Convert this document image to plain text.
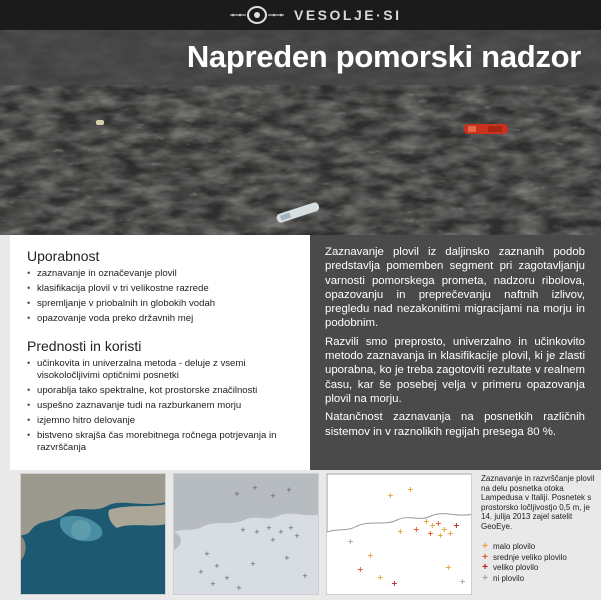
VESOLJE·SI
Napreden pomorski nadzor
Uporabnost
• zaznavanje in označevanje plovil
• klasifikacija plovil v tri velikostne razrede
• spremljanje v priobalnih in globokih vodah
• opazovanje voda preko državnih mej
Prednosti in koristi
• učinkovita in univerzalna metoda - deluje z vsemi visokoločljivimi optičnimi posnetki
• uporablja tako spektralne, kot prostorske značilnosti
• uspešno zaznavanje tudi na razburkanem morju
• izjemno hitro delovanje
• bistveno skrajša čas morebitnega ročnega potrjevanja in razvrščanja

Zaznavanje plovil iz daljinsko zaznanih podob predstavlja pomemben segment pri zagotavljanju varnosti pomorskega prometa, nadzoru ribolova, opazovanju in preprečevanju naftnih izlivov, pregledu nad nezakonitimi migracijami na morju in podobnim.

Razvili smo preprosto, univerzalno in učinkovito metodo zaznavanja in klasifikacije plovil, ki je zlasti uporabna, ko je treba zagotoviti rezultate v realnem času, kar še posebej velja v primeru opazovanja plovil na morju.

Natančnost zaznavanja na posnetkih različnih sistemov in v raznolikih regijah presega 80 %.

+
+
+
+
+ + + + +
+
+
+
+
+
+
+	+
+
+
+
+ + +
+
+ + +
+
+
+
+
+
+
+
+
+
+
+
+
Zaznavanje in razvrščanje plovil na delu posnetka otoka Lampedusa v Italiji. Posnetek s prostorsko ločljivostjo 0,5 m, je 14. julija 2013 zajel satelit GeoEye.
+ malo plovilo
+ srednje veliko plovilo
+ veliko plovilo
+ ni plovilo
